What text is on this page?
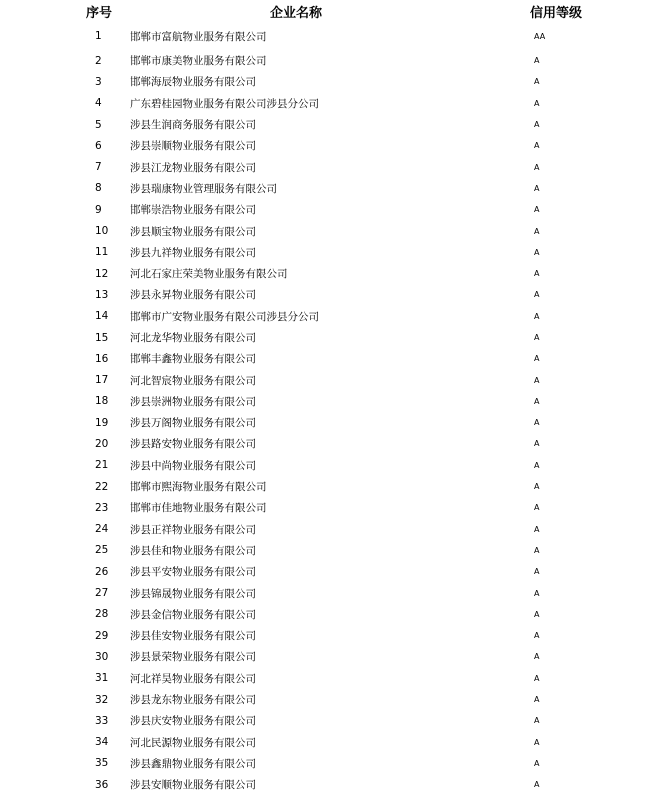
序号	企业名称	信用等级
1	邯郸市富航物业服务有限公司	AA
2	邯郸市康美物业服务有限公司	A
3	邯郸海辰物业服务有限公司	A
4	广东碧桂园物业服务有限公司涉县分公司	A
5	涉县生润商务服务有限公司	A
6	涉县崇顺物业服务有限公司	A
7	涉县江龙物业服务有限公司	A
8	涉县瑞康物业管理服务有限公司	A
9	邯郸崇浩物业服务有限公司	A
10	涉县顺宝物业服务有限公司	A
11	涉县九祥物业服务有限公司	A
12	河北石家庄荣美物业服务有限公司	A
13	涉县永昇物业服务有限公司	A
14	邯郸市广安物业服务有限公司涉县分公司	A
15	河北龙华物业服务有限公司	A
16	邯郸丰鑫物业服务有限公司	A
17	河北智宸物业服务有限公司	A
18	涉县崇洲物业服务有限公司	A
19	涉县万阁物业服务有限公司	A
20	涉县路安物业服务有限公司	A
21	涉县中尚物业服务有限公司	A
22	邯郸市熙海物业服务有限公司	A
23	邯郸市佳地物业服务有限公司	A
24	涉县正祥物业服务有限公司	A
25	涉县佳和物业服务有限公司	A
26	涉县平安物业服务有限公司	A
27	涉县锦晟物业服务有限公司	A
28	涉县金信物业服务有限公司	A
29	涉县佳安物业服务有限公司	A
30	涉县景荣物业服务有限公司	A
31	河北祥昊物业服务有限公司	A
32	涉县龙东物业服务有限公司	A
33	涉县庆安物业服务有限公司	A
34	河北民源物业服务有限公司	A
35	涉县鑫鼎物业服务有限公司	A
36	涉县安顺物业服务有限公司	A
